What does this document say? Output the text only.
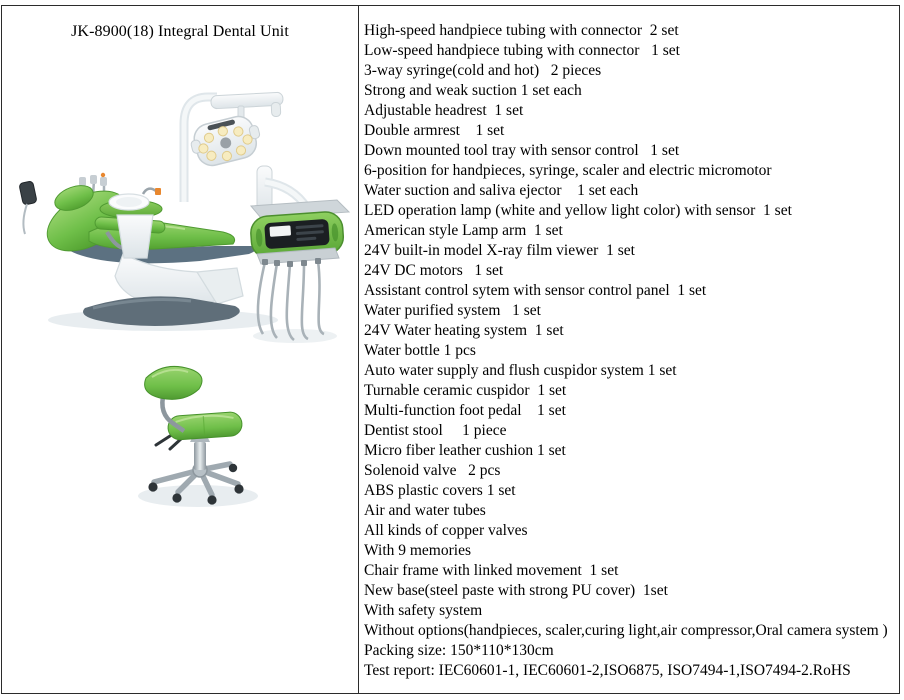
JK-8900(18) Integral Dental Unit	High-speed handpiece tubing with connector  2 set
Low-speed handpiece tubing with connector   1 set
3-way syringe(cold and hot)   2 pieces
Strong and weak suction 1 set each
Adjustable headrest  1 set
Double armrest    1 set
Down mounted tool tray with sensor control   1 set
6-position for handpieces, syringe, scaler and electric micromotor
Water suction and saliva ejector    1 set each
LED operation lamp (white and yellow light color) with sensor  1 set
American style Lamp arm  1 set
24V built-in model X-ray film viewer  1 set
24V DC motors   1 set
Assistant control sytem with sensor control panel  1 set
Water purified system   1 set
24V Water heating system  1 set
Water bottle 1 pcs
Auto water supply and flush cuspidor system 1 set
Turnable ceramic cuspidor  1 set
Multi-function foot pedal    1 set
Dentist stool     1 piece
Micro fiber leather cushion 1 set
Solenoid valve   2 pcs
ABS plastic covers 1 set
Air and water tubes
All kinds of copper valves
With 9 memories
Chair frame with linked movement  1 set
New base(steel paste with strong PU cover)  1set
With safety system
Without options(handpieces, scaler,curing light,air compressor,Oral camera system )
Packing size: 150*110*130cm
Test report: IEC60601-1, IEC60601-2,ISO6875, ISO7494-1,ISO7494-2.RoHS
